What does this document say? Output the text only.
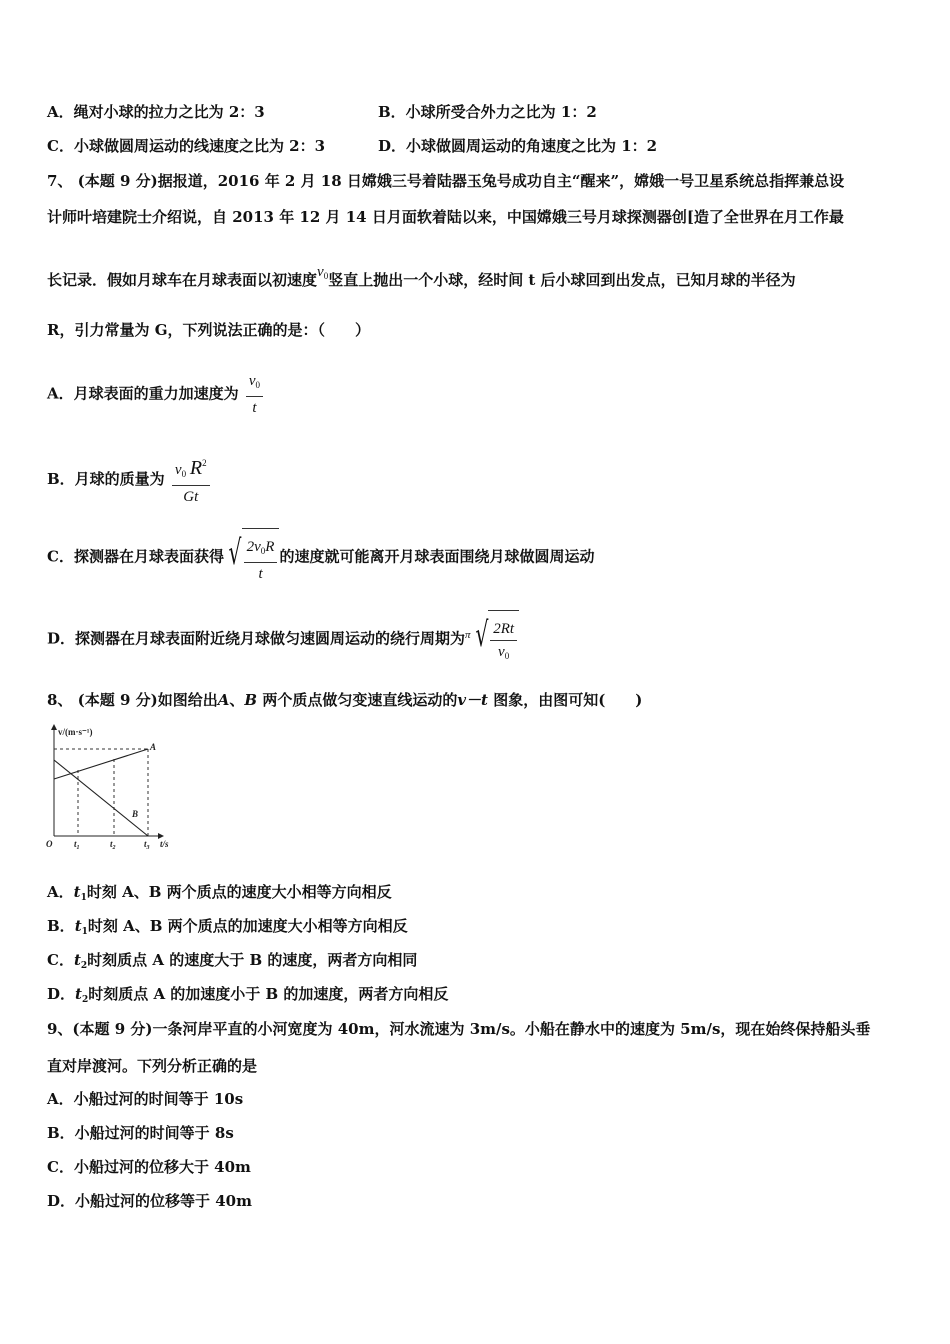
A．绳对小球的拉力之比为 2：3	B．小球所受合外力之比为 1：2
C．小球做圆周运动的线速度之比为 2：3	D．小球做圆周运动的角速度之比为 1：2
7、 (本题 9 分)据报道，2016 年 2 月 18 日嫦娥三号着陆器玉兔号成功自主“醒来”，嫦娥一号卫星系统总指挥兼总设
计师叶培建院士介绍说，自 2013 年 12 月 14 日月面软着陆以来，中国嫦娥三号月球探测器创[造了全世界在月工作最
长记录．假如月球车在月球表面以初速度$v_0$竖直上抛出一个小球，经时间 t 后小球回到出发点，已知月球的半径为
R，引力常量为 G，下列说法正确的是：（　　）
A．月球表面的重力加速度为 $\frac{v_0}{t}$
B．月球的质量为 $\frac{v_0 R^2}{Gt}$
C．探测器在月球表面获得 √ $\frac{2v_0R}{t}$ 的速度就可能离开月球表面围绕月球做圆周运动
D．探测器在月球表面附近绕月球做匀速圆周运动的绕行周期为$^\pi$ √ $\frac{2Rt}{v_0}$
8、 (本题 9 分)如图给出A、B 两个质点做匀变速直线运动的v－t 图象，由图可知(　　)
v/(m·s⁻¹)
A
B
O $t_1$	$t_2$	$t_3$ t/s
A．$t_1$时刻 A、B 两个质点的速度大小相等方向相反
B．$t_1$时刻 A、B 两个质点的加速度大小相等方向相反
C．$t_2$时刻质点 A 的速度大于 B 的速度，两者方向相同
D．$t_2$时刻质点 A 的加速度小于 B 的加速度，两者方向相反
9、(本题 9 分)一条河岸平直的小河宽度为 40m，河水流速为 3m/s。小船在静水中的速度为 5m/s，现在始终保持船头垂
直对岸渡河。下列分析正确的是
A．小船过河的时间等于 10s
B．小船过河的时间等于 8s
C．小船过河的位移大于 40m
D．小船过河的位移等于 40m
